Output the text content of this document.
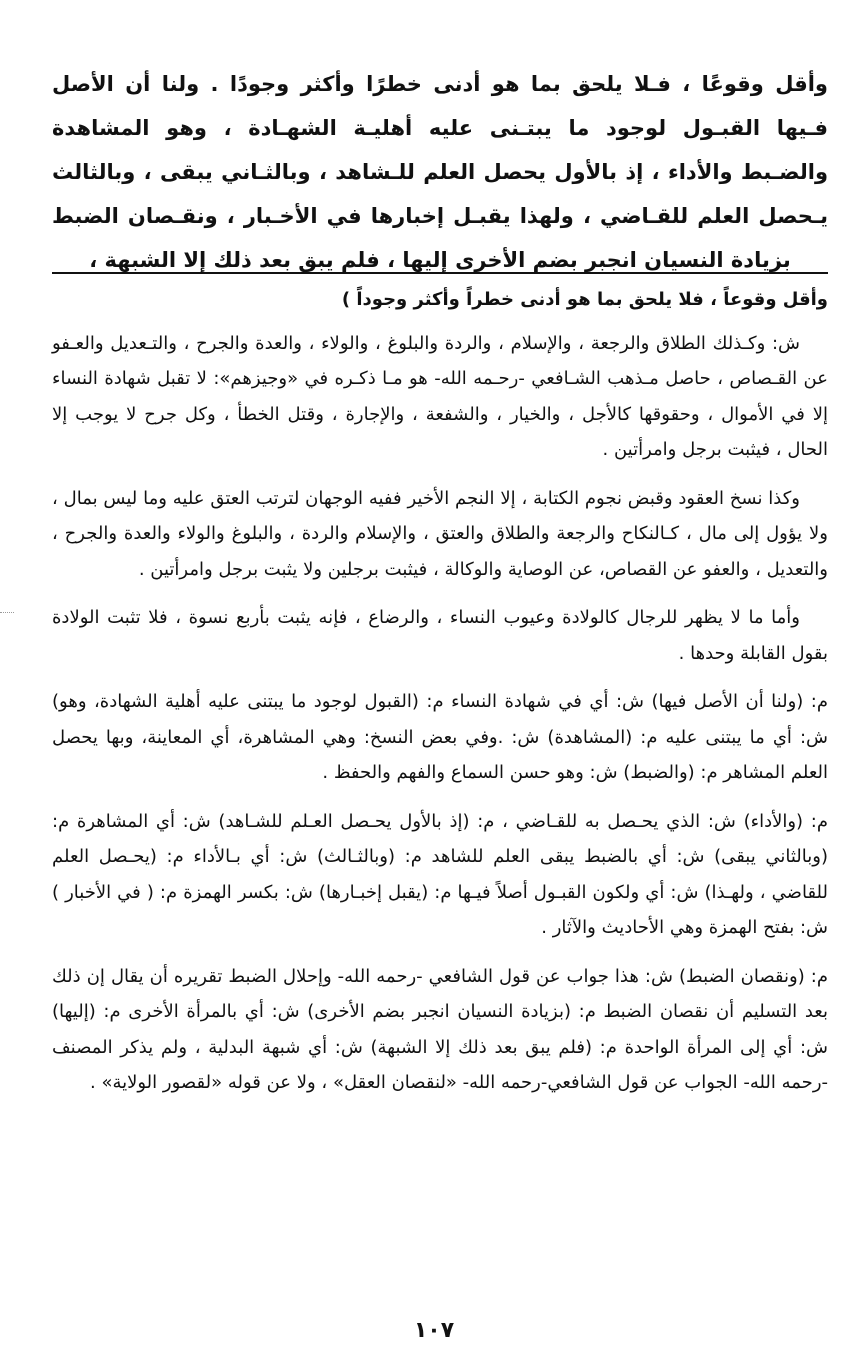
وأقل وقوعًا ، فـلا يلحق بما هو أدنى خطرًا وأكثر وجودًا . ولنا أن الأصل فـيها القبـول لوجود ما يبتـنى عليه أهليـة الشهـادة ، وهو المشاهدة والضـبط والأداء ، إذ بالأول يحصل العلم للـشاهد ، وبالثـاني يبقى ، وبالثالث يـحصل العلم للقـاضي ، ولهذا يقبـل إخبارها في الأخـبار ، ونقـصان الضبط بزيادة النسيان انجبر بضم الأخرى إليها ، فلم يبق بعد ذلك إلا الشبهة ،

وأقل وقوعاً ، فلا يلحق بما هو أدنى خطراً وأكثر وجوداً )

ش: وكـذلك الطلاق والرجعة ، والإسلام ، والردة والبلوغ ، والولاء ، والعدة والجرح ، والتـعديل والعـفو عن القـصاص ، حاصل مـذهب الشـافعي -رحـمه الله- هو مـا ذكـره في «وجيزهم»: لا تقبل شهادة النساء إلا في الأموال ، وحقوقها كالأجل ، والخيار ، والشفعة ، والإجارة ، وقتل الخطأ ، وكل جرح لا يوجب إلا الحال ، فيثبت برجل وامرأتين .

وكذا نسخ العقود وقبض نجوم الكتابة ، إلا النجم الأخير ففيه الوجهان لترتب العتق عليه وما ليس بمال ، ولا يؤول إلى مال ، كـالنكاح والرجعة والطلاق والعتق ، والإسلام والردة ، والبلوغ والولاء والعدة والجرح ، والتعديل ، والعفو عن القصاص، عن الوصاية والوكالة ، فيثبت برجلين ولا يثبت برجل وامرأتين .

وأما ما لا يظهر للرجال كالولادة وعيوب النساء ، والرضاع ، فإنه يثبت بأربع نسوة ، فلا تثبت الولادة بقول القابلة وحدها .

م: (ولنا أن الأصل فيها) ش: أي في شهادة النساء م: (القبول لوجود ما يبتنى عليه أهلية الشهادة، وهو) ش: أي ما يبتنى عليه م: (المشاهدة) ش: .وفي بعض النسخ: وهي المشاهرة، أي المعاينة، وبها يحصل العلم المشاهر م: (والضبط) ش: وهو حسن السماع والفهم والحفظ .

م: (والأداء) ش: الذي يحـصل به للقـاضي ، م: (إذ بالأول يحـصل العـلم للشـاهد) ش: أي المشاهرة م: (وبالثاني يبقى) ش: أي بالضبط يبقى العلم للشاهد م: (وبالثـالث) ش: أي بـالأداء م: (يحـصل العلم للقاضي ، ولهـذا) ش: أي ولكون القبـول أصلاً فيـها م: (يقبل إخبـارها) ش: بكسر الهمزة م: ( في الأخبار ) ش: بفتح الهمزة وهي الأحاديث والآثار .

م: (ونقصان الضبط) ش: هذا جواب عن قول الشافعي -رحمه الله- وإحلال الضبط تقريره أن يقال إن ذلك بعد التسليم أن نقصان الضبط م: (بزيادة النسيان انجبر بضم الأخرى) ش: أي بالمرأة الأخرى م: (إليها) ش: أي إلى المرأة الواحدة م: (فلم يبق بعد ذلك إلا الشبهة) ش: أي شبهة البدلية ، ولم يذكر المصنف -رحمه الله- الجواب عن قول الشافعي-رحمه الله- «لنقصان العقل» ، ولا عن قوله «لقصور الولاية» .

١٠٧
